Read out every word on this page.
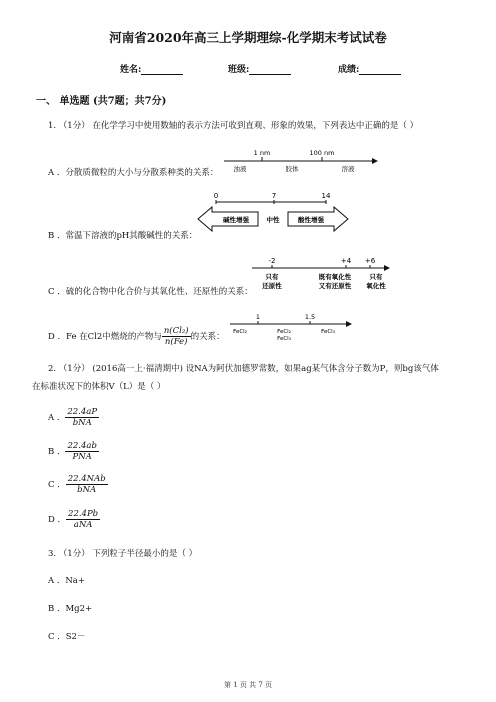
河南省2020年高三上学期理综-化学期末考试试卷
姓名:	班级:	成绩:
一、 单选题 (共7题；共7分)
1. （1分） 在化学学习中使用数轴的表示方法可收到直观、形象的效果，下列表达中正确的是（ ）
A ．分散质微粒的大小与分散系种类的关系：
1 nm	100 nm
浊液	胶体	溶液
B ．常温下溶液的pH其酸碱性的关系：
0	7	14
碱性增强	中性	酸性增强
C ．硫的化合物中化合价与其氧化性、还原性的关系：
-2	+4 +6
只有
还原性
既有氧化性
又有还原性
只有
氧化性
D ．Fe 在Cl2中燃烧的产物与 $\frac{\text{n(Cl₂)}}{n(Fe)}$ 的关系：
1	1.5
FeCl₂	FeCl₂
FeCl₃
FeCl₃
2. （1分） (2016高一上·福清期中) 设NA为阿伏加德罗常数，如果ag某气体含分子数为P，则bg该气体
在标准状况下的体积V（L）是（ ）
A ． $\frac{22.4aP}{\text{bNA}}$
B ． $\frac{22.4ab}{\text{PNA}}$
C ． $\frac{\text{22.4NAb}}{\text{bNA}}$
D ． $\frac{22.4Pb}{\text{aNA}}$
3. （1分） 下列粒子半径最小的是（ ）
A ．Na+
B ．Mg2+
C ．S2－
第 1 页 共 7 页
